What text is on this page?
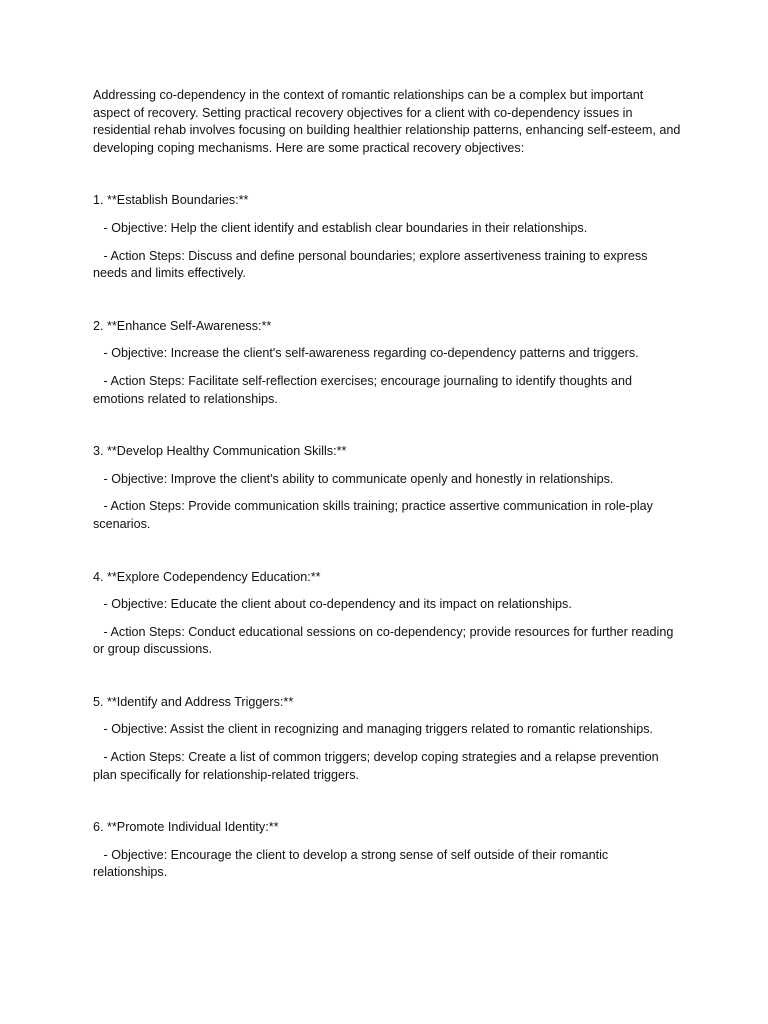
Addressing co-dependency in the context of romantic relationships can be a complex but important aspect of recovery. Setting practical recovery objectives for a client with co-dependency issues in residential rehab involves focusing on building healthier relationship patterns, enhancing self-esteem, and developing coping mechanisms. Here are some practical recovery objectives:

1. **Establish Boundaries:**

- Objective: Help the client identify and establish clear boundaries in their relationships.

- Action Steps: Discuss and define personal boundaries; explore assertiveness training to express needs and limits effectively.

2. **Enhance Self-Awareness:**

- Objective: Increase the client's self-awareness regarding co-dependency patterns and triggers.

- Action Steps: Facilitate self-reflection exercises; encourage journaling to identify thoughts and emotions related to relationships.

3. **Develop Healthy Communication Skills:**

- Objective: Improve the client's ability to communicate openly and honestly in relationships.

- Action Steps: Provide communication skills training; practice assertive communication in role-play scenarios.

4. **Explore Codependency Education:**

- Objective: Educate the client about co-dependency and its impact on relationships.

- Action Steps: Conduct educational sessions on co-dependency; provide resources for further reading or group discussions.

5. **Identify and Address Triggers:**

- Objective: Assist the client in recognizing and managing triggers related to romantic relationships.

- Action Steps: Create a list of common triggers; develop coping strategies and a relapse prevention plan specifically for relationship-related triggers.

6. **Promote Individual Identity:**

- Objective: Encourage the client to develop a strong sense of self outside of their romantic relationships.
